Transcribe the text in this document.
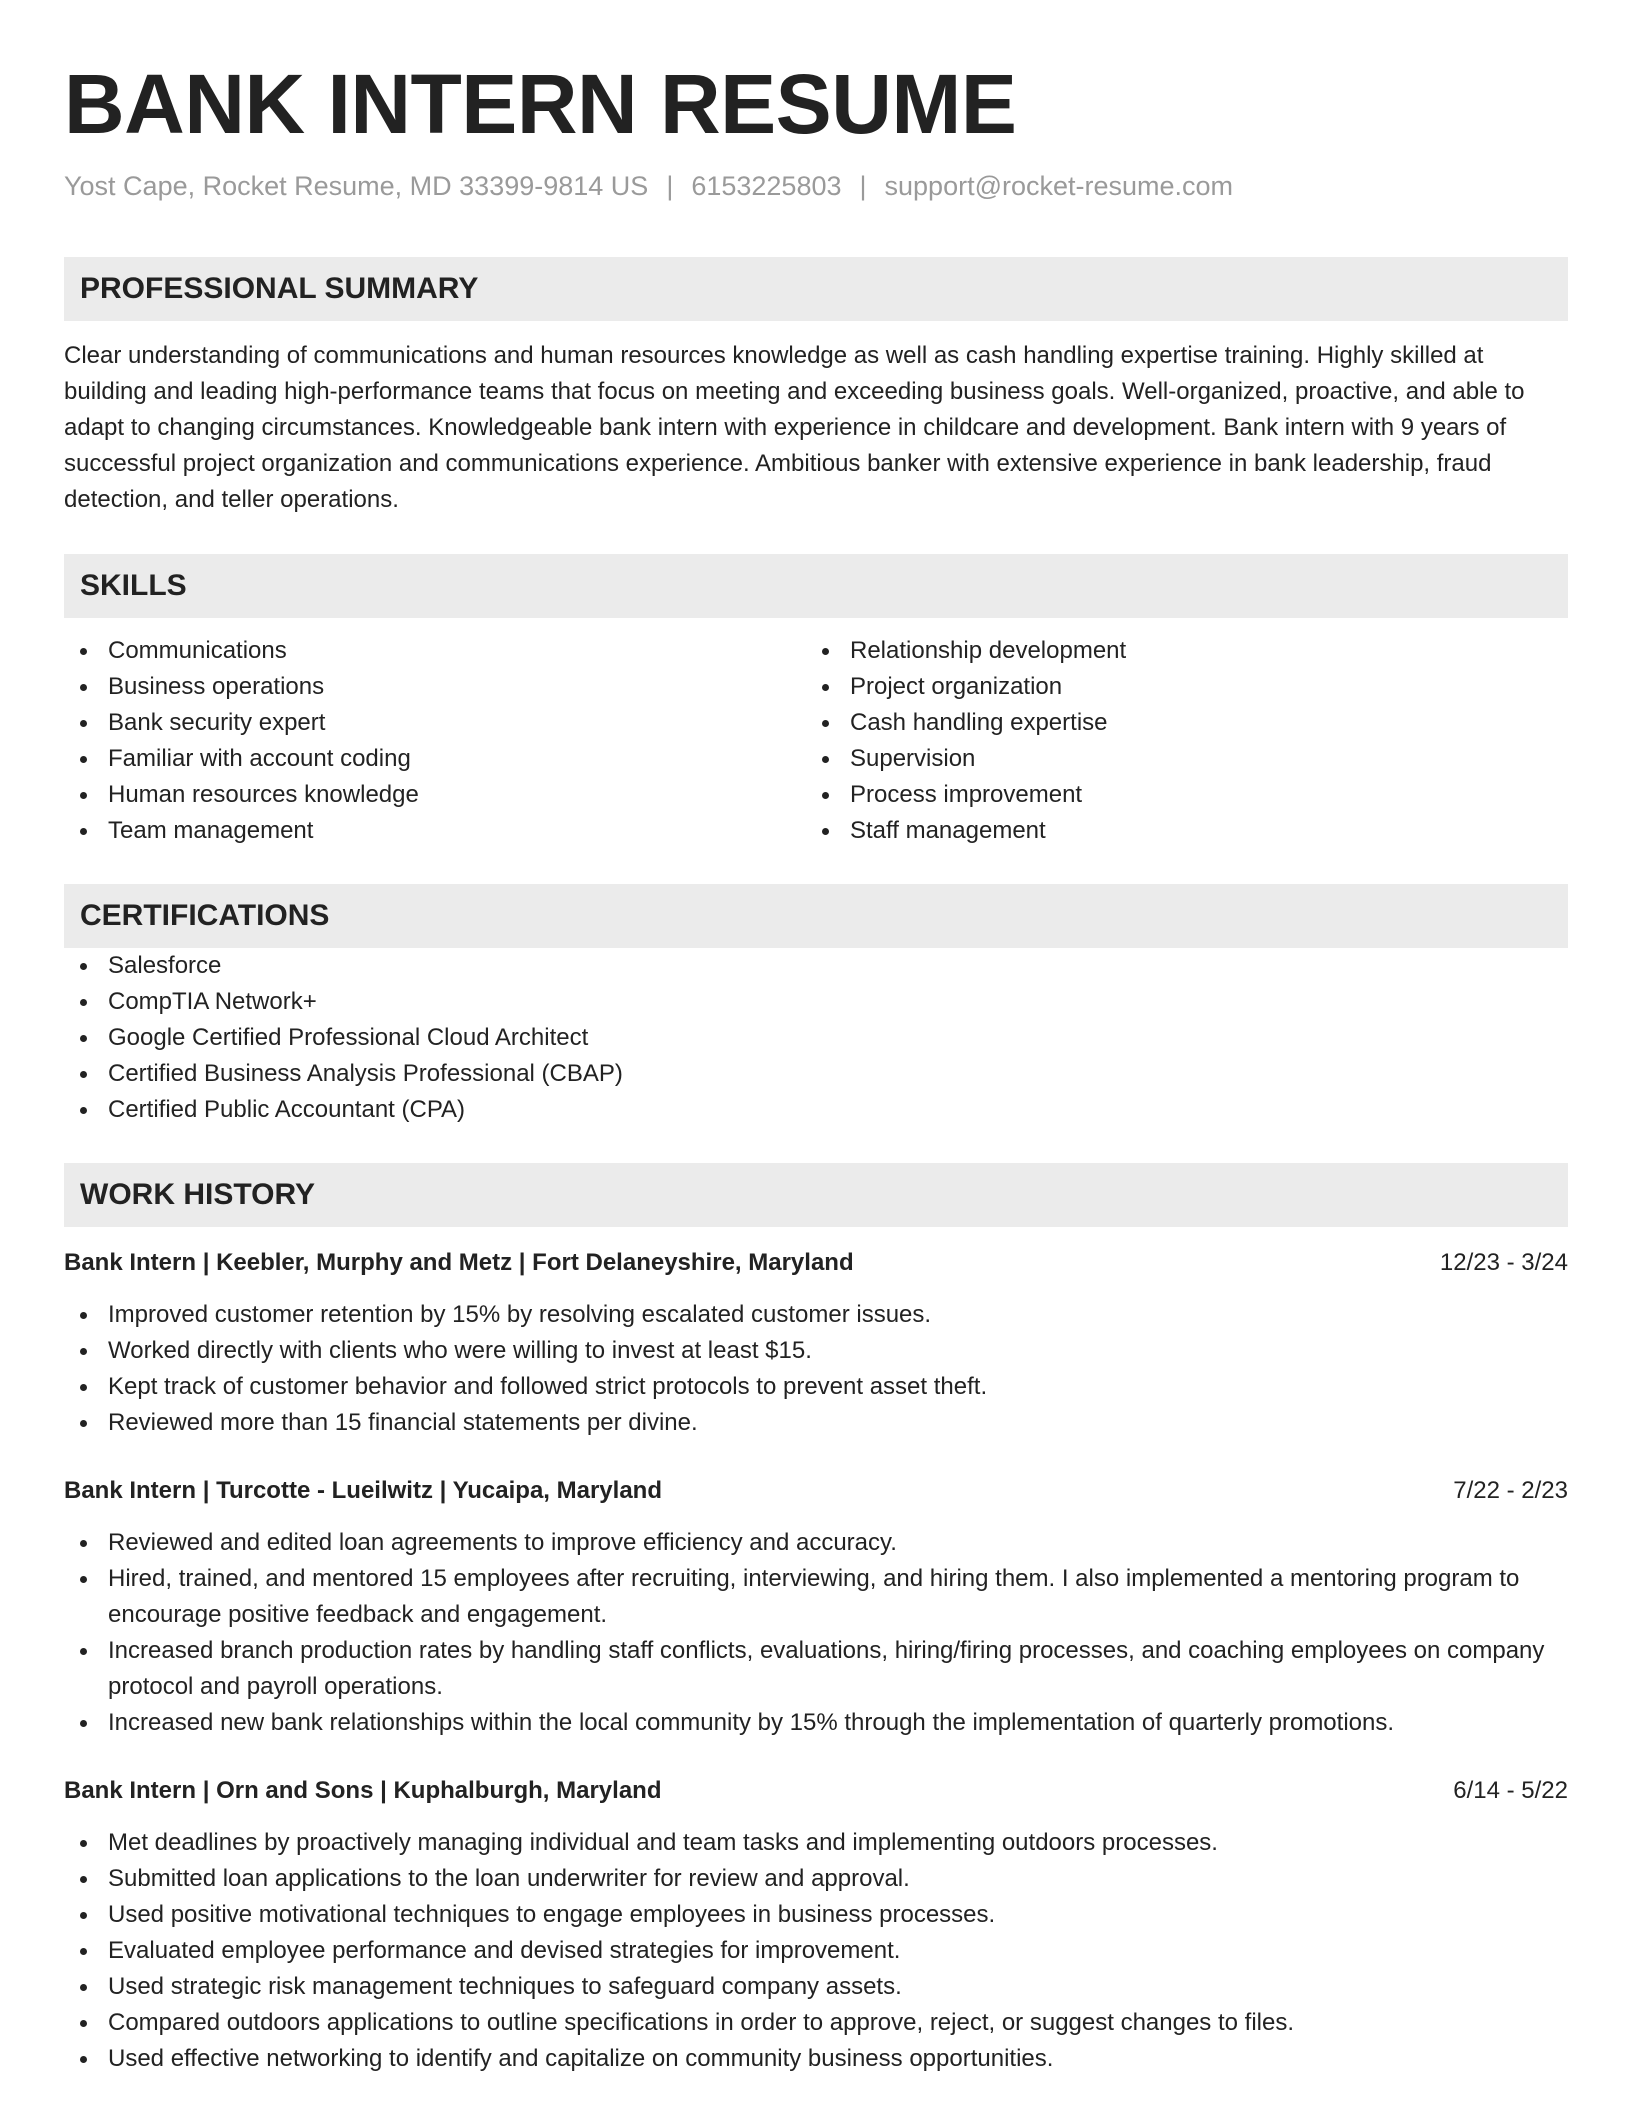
BANK INTERN RESUME
Yost Cape, Rocket Resume, MD 33399-9814 US | 6153225803 | support@rocket-resume.com
PROFESSIONAL SUMMARY

Clear understanding of communications and human resources knowledge as well as cash handling expertise training. Highly skilled at building and leading high-performance teams that focus on meeting and exceeding business goals. Well-organized, proactive, and able to adapt to changing circumstances. Knowledgeable bank intern with experience in childcare and development. Bank intern with 9 years of successful project organization and communications experience. Ambitious banker with extensive experience in bank leadership, fraud detection, and teller operations.

SKILLS
Communications
Business operations
Bank security expert
Familiar with account coding
Human resources knowledge
Team management
Relationship development
Project organization
Cash handling expertise
Supervision
Process improvement
Staff management
CERTIFICATIONS
Salesforce
CompTIA Network+
Google Certified Professional Cloud Architect
Certified Business Analysis Professional (CBAP)
Certified Public Accountant (CPA)
WORK HISTORY
Bank Intern | Keebler, Murphy and Metz | Fort Delaneyshire, Maryland	12/23 - 3/24
Improved customer retention by 15% by resolving escalated customer issues.
Worked directly with clients who were willing to invest at least $15.
Kept track of customer behavior and followed strict protocols to prevent asset theft.
Reviewed more than 15 financial statements per divine.
Bank Intern | Turcotte - Lueilwitz | Yucaipa, Maryland	7/22 - 2/23
Reviewed and edited loan agreements to improve efficiency and accuracy.
Hired, trained, and mentored 15 employees after recruiting, interviewing, and hiring them. I also implemented a mentoring program to encourage positive feedback and engagement.
Increased branch production rates by handling staff conflicts, evaluations, hiring/firing processes, and coaching employees on company protocol and payroll operations.
Increased new bank relationships within the local community by 15% through the implementation of quarterly promotions.
Bank Intern | Orn and Sons | Kuphalburgh, Maryland	6/14 - 5/22
Met deadlines by proactively managing individual and team tasks and implementing outdoors processes.
Submitted loan applications to the loan underwriter for review and approval.
Used positive motivational techniques to engage employees in business processes.
Evaluated employee performance and devised strategies for improvement.
Used strategic risk management techniques to safeguard company assets.
Compared outdoors applications to outline specifications in order to approve, reject, or suggest changes to files.
Used effective networking to identify and capitalize on community business opportunities.
